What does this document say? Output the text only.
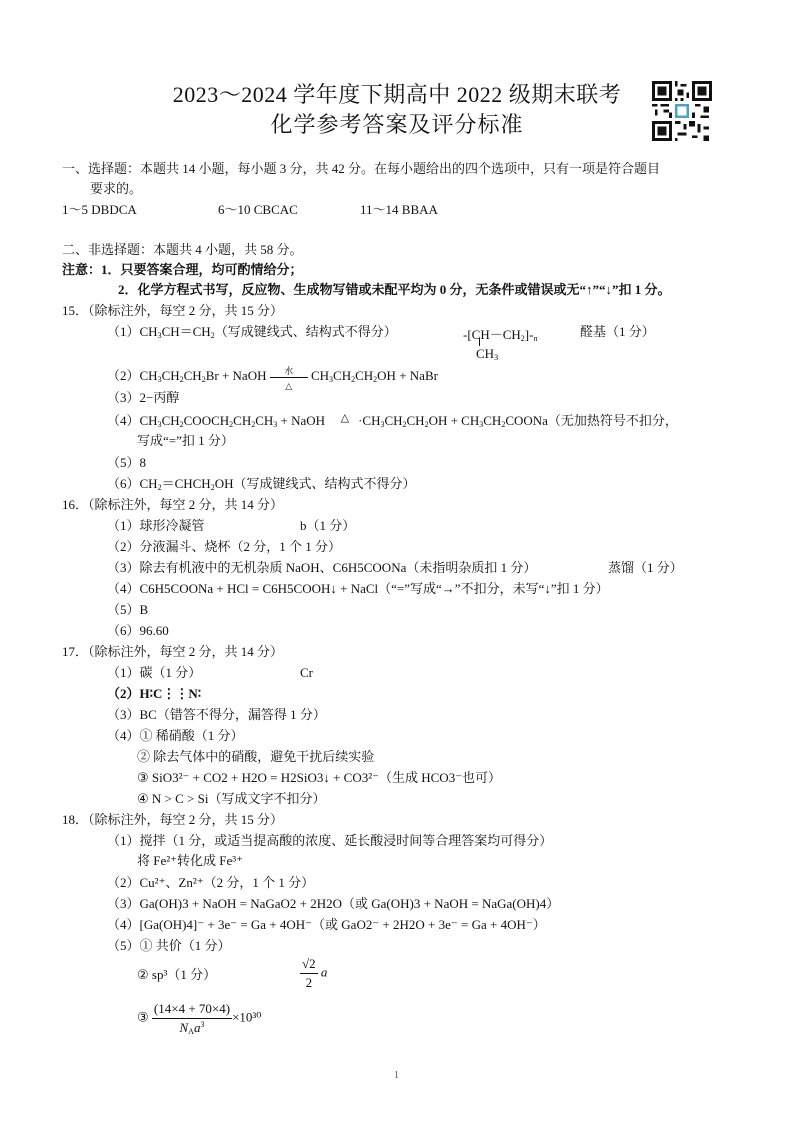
2023～2024 学年度下期高中 2022 级期末联考
化学参考答案及评分标准
一、选择题：本题共 14 小题，每小题 3 分，共 42 分。在每小题给出的四个选项中，只有一项是符合题目
要求的。
1～5 DBDCA	6～10 CBCAC	11～14 BBAA
二、非选择题：本题共 4 小题，共 58 分。
注意：1．只要答案合理，均可酌情给分；
2．化学方程式书写，反应物、生成物写错或未配平均为 0 分，无条件或错误或无“↑”“↓”扣 1 分。
15．（除标注外，每空 2 分，共 15 分）
$(1)CH_3CH=CH_2$（写成键线式、结构式不得分）	$-[CH-CH_2]-_n$
$CH_3$
醛基（1 分）
$(2)CH_3CH_2CH_2Br$ + NaOH	水
△
$CH_3CH_2CH_2OH$ + NaBr
（3）2−丙醇
$(4)CH_3CH_2COOCH_2CH_2CH_3$ + NaOH △ $\cdot CH_3CH_2CH_2OH$ + $CH_3CH_2COONa$（无加热符号不扣分，
写成“=”扣 1 分）
（5）8
$(6)CH_2=CHCH_2OH$（写成键线式、结构式不得分）
16．（除标注外，每空 2 分，共 14 分）
（1）球形冷凝管	b（1 分）
（2）分液漏斗、烧杯（2 分，1 个 1 分）
（3）除去有机液中的无机杂质 NaOH、C6H5COONa（未指明杂质扣 1 分）	蒸馏（1 分）
（4）C6H5COONa + HCl = C6H5COOH↓ + NaCl（“=”写成“→”不扣分，未写“↓”扣 1 分）
（5）B
（6）96.60
17．（除标注外，每空 2 分，共 14 分）
（1）碳（1 分）	Cr
（2）H∶C⋮⋮N∶
（3）BC（错答不得分，漏答得 1 分）
（4）① 稀硝酸（1 分）
② 除去气体中的硝酸，避免干扰后续实验
③ SiO3²⁻ + CO2 + H2O = H2SiO3↓ + CO3²⁻（生成 HCO3⁻也可）
④ N > C > Si（写成文字不扣分）
18．（除标注外，每空 2 分，共 15 分）
（1）搅拌（1 分，或适当提高酸的浓度、延长酸浸时间等合理答案均可得分）
将 Fe²⁺转化成 Fe³⁺
（2）Cu²⁺、Zn²⁺（2 分，1 个 1 分）
（3）Ga(OH)3 + NaOH = NaGaO2 + 2H2O（或 Ga(OH)3 + NaOH = NaGa(OH)4）
（4）[Ga(OH)4]⁻ + 3e⁻ = Ga + 4OH⁻（或 GaO2⁻ + 2H2O + 3e⁻ = Ga + 4OH⁻）
（5）① 共价（1 分）
② sp³（1 分）	$\frac{√2}{2}$ a
③ $\frac{(14\times 4 + 70\times 4)}{N_Aa^3} \times 10^{30}$
1
